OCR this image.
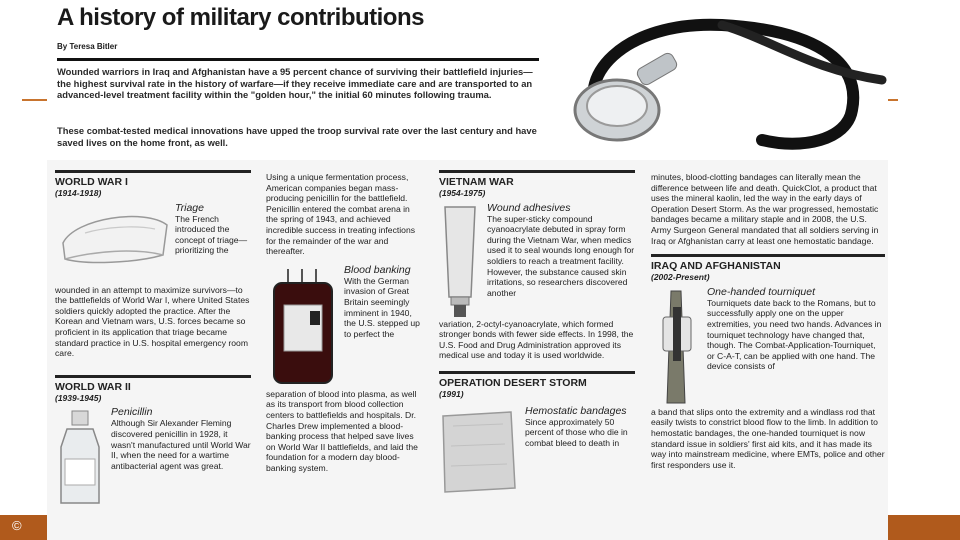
©
A history of military contributions
By Teresa Bitler
Wounded warriors in Iraq and Afghanistan have a 95 percent chance of surviving their battlefield injuries—the highest survival rate in the history of warfare—if they receive immediate care and are transported to an advanced-level treatment facility within the "golden hour," the initial 60 minutes following trauma.
These combat-tested medical innovations have upped the troop survival rate over the last century and have saved lives on the home front, as well.
WORLD WAR I
(1914-1918)
Triage

The French introduced the concept of triage—prioritizing the

wounded in an attempt to maximize survivors—to the battlefields of World War I, where United States soldiers quickly adopted the practice. After the Korean and Vietnam wars, U.S. forces became so proficient in its application that triage became standard practice in U.S. hospital emergency room care.

WORLD WAR II
(1939-1945)
Penicillin

Although Sir Alexander Fleming discovered penicillin in 1928, it wasn't manufactured until World War II, when the need for a wartime antibacterial agent was great.

Using a unique fermentation process, American companies began mass-producing penicillin for the battlefield. Penicillin entered the combat arena in the spring of 1943, and achieved incredible success in treating infections for the remainder of the war and thereafter.

Blood banking

With the German invasion of Great Britain seemingly imminent in 1940, the U.S. stepped up to perfect the

separation of blood into plasma, as well as its transport from blood collection centers to battlefields and hospitals. Dr. Charles Drew implemented a blood-banking process that helped save lives on World War II battlefields, and laid the foundation for a modern day blood-banking system.

VIETNAM WAR
(1954-1975)
Wound adhesives

The super-sticky compound cyanoacrylate debuted in spray form during the Vietnam War, when medics used it to seal wounds long enough for soldiers to reach a treatment facility. However, the substance caused skin irritations, so researchers discovered another

variation, 2-octyl-cyanoacrylate, which formed stronger bonds with fewer side effects. In 1998, the U.S. Food and Drug Administration approved its medical use and today it is used worldwide.

OPERATION DESERT STORM
(1991)
Hemostatic bandages

Since approximately 50 percent of those who die in combat bleed to death in

minutes, blood-clotting bandages can literally mean the difference between life and death. QuickClot, a product that uses the mineral kaolin, led the way in the early days of Operation Desert Storm. As the war progressed, hemostatic bandages became a military staple and in 2008, the U.S. Army Surgeon General mandated that all soldiers serving in Iraq or Afghanistan carry at least one hemostatic bandage.

IRAQ AND AFGHANISTAN
(2002-Present)
One-handed tourniquet

Tourniquets date back to the Romans, but to successfully apply one on the upper extremities, you need two hands. Advances in tourniquet technology have changed that, though. The Combat-Application-Tourniquet, or C-A-T, can be applied with one hand. The device consists of

a band that slips onto the extremity and a windlass rod that easily twists to constrict blood flow to the limb. In addition to hemostatic bandages, the one-handed tourniquet is now standard issue in soldiers' first aid kits, and it has made its way into mainstream medicine, where EMTs, police and other first responders use it.
